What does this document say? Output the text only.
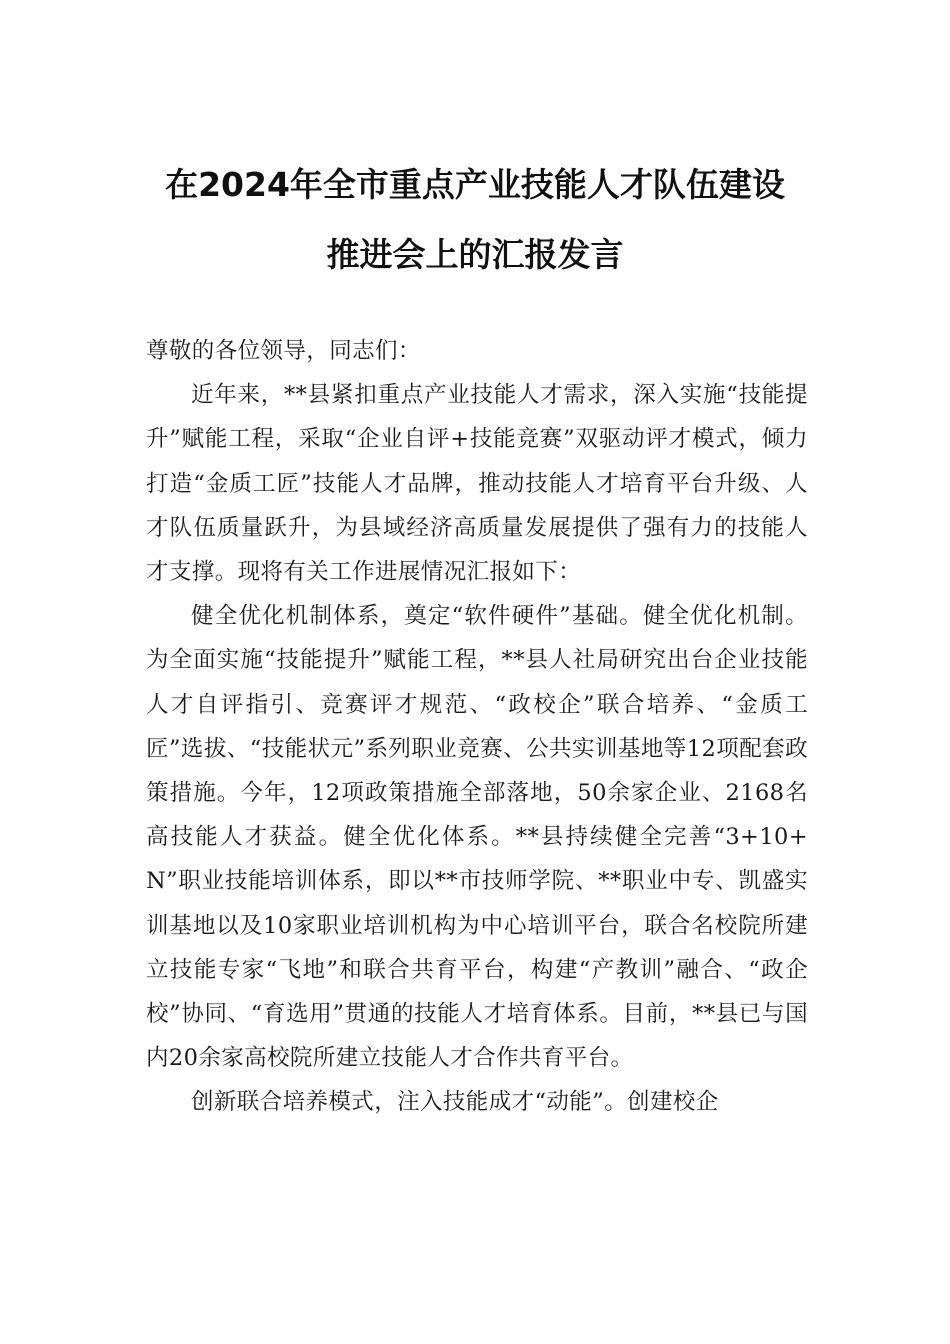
在2024年全市重点产业技能人才队伍建设
推进会上的汇报发言

尊敬的各位领导，同志们：

近年来，**县紧扣重点产业技能人才需求，深入实施“技能提升”赋能工程，采取“企业自评+技能竞赛”双驱动评才模式，倾力打造“金质工匠”技能人才品牌，推动技能人才培育平台升级、人才队伍质量跃升，为县域经济高质量发展提供了强有力的技能人才支撑。现将有关工作进展情况汇报如下：

健全优化机制体系，奠定“软件硬件”基础。健全优化机制。为全面实施“技能提升”赋能工程，**县人社局研究出台企业技能人才自评指引、竞赛评才规范、“政校企”联合培养、“金质工匠”选拔、“技能状元”系列职业竞赛、公共实训基地等12项配套政策措施。今年，12项政策措施全部落地，50余家企业、2168名高技能人才获益。健全优化体系。**县持续健全完善“3+10+N”职业技能培训体系，即以**市技师学院、**职业中专、凯盛实训基地以及10家职业培训机构为中心培训平台，联合名校院所建立技能专家“飞地”和联合共育平台，构建“产教训”融合、“政企校”协同、“育选用”贯通的技能人才培育体系。目前，**县已与国内20余家高校院所建立技能人才合作共育平台。

创新联合培养模式，注入技能成才“动能”。创建校企
